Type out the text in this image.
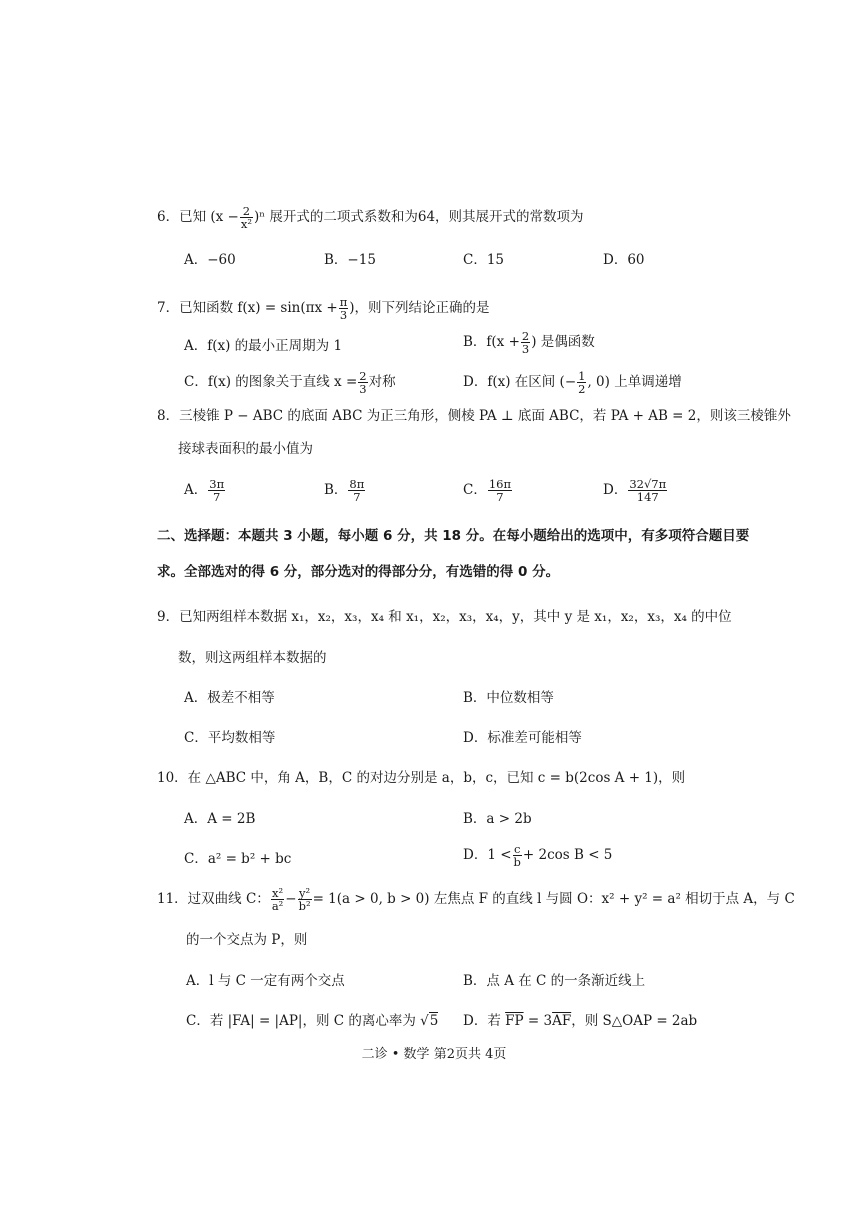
6．已知 $(x - \frac{2}{\text{x²}} )^n$ 展开式的二项式系数和为64，则其展开式的常数项为
A．−60	B．−15	C．15	D．60
7．已知函数 $f(x) = \sin(\pi x + \frac{\pi}{3}$ )，则下列结论正确的是
A．f(x) 的最小正周期为 1	B．$f(x + \frac{2}{3}$ ) 是偶函数
C．f(x) 的图象关于直线 $x = \frac{2}{3}$ 对称	D．f(x) 在区间 (− $\frac{1}{2}$ , 0) 上单调递增
8．三棱锥 P − ABC 的底面 ABC 为正三角形，侧棱 PA ⊥ 底面 ABC，若 PA + AB = 2，则该三棱锥外
接球表面积的最小值为
A． $\frac{3\pi}{7}$	B． $\frac{8\pi}{7}$	C． $\frac{16\pi}{7}$	D． $\frac{32√7\pi}{147}$
二、选择题：本题共 3 小题，每小题 6 分，共 18 分。在每小题给出的选项中，有多项符合题目要
求。全部选对的得 6 分，部分选对的得部分分，有选错的得 0 分。
9．已知两组样本数据 x₁，x₂，x₃，x₄ 和 x₁，x₂，x₃，x₄，y，其中 y 是 x₁，x₂，x₃，x₄ 的中位
数，则这两组样本数据的
A．极差不相等	B．中位数相等
C．平均数相等	D．标准差可能相等
10．在 △ABC 中，角 A，B，C 的对边分别是 a，b，c，已知 c = b(2cos A + 1)，则
A．A = 2B	B．a > 2b
C．a² = b² + bc	D．$1 < \frac{c}{b} + 2\cos$ B < 5
11．过双曲线 C： $\frac{\text{x²}}{\text{a²}} - \frac{\text{y²}}{\text{b²}} = 1(a > 0$, b > 0) 左焦点 F 的直线 l 与圆 O：x² + y² = a² 相切于点 A，与 C
的一个交点为 P，则
A．l 与 C 一定有两个交点	B．点 A 在 C 的一条渐近线上
C．若 |FA| = |AP|，则 C 的离心率为 √5 D．若 $\overline{FP} = 3\overline{AF}$，则 S△OAP = 2ab
二诊 • 数学 第2页共 4页
